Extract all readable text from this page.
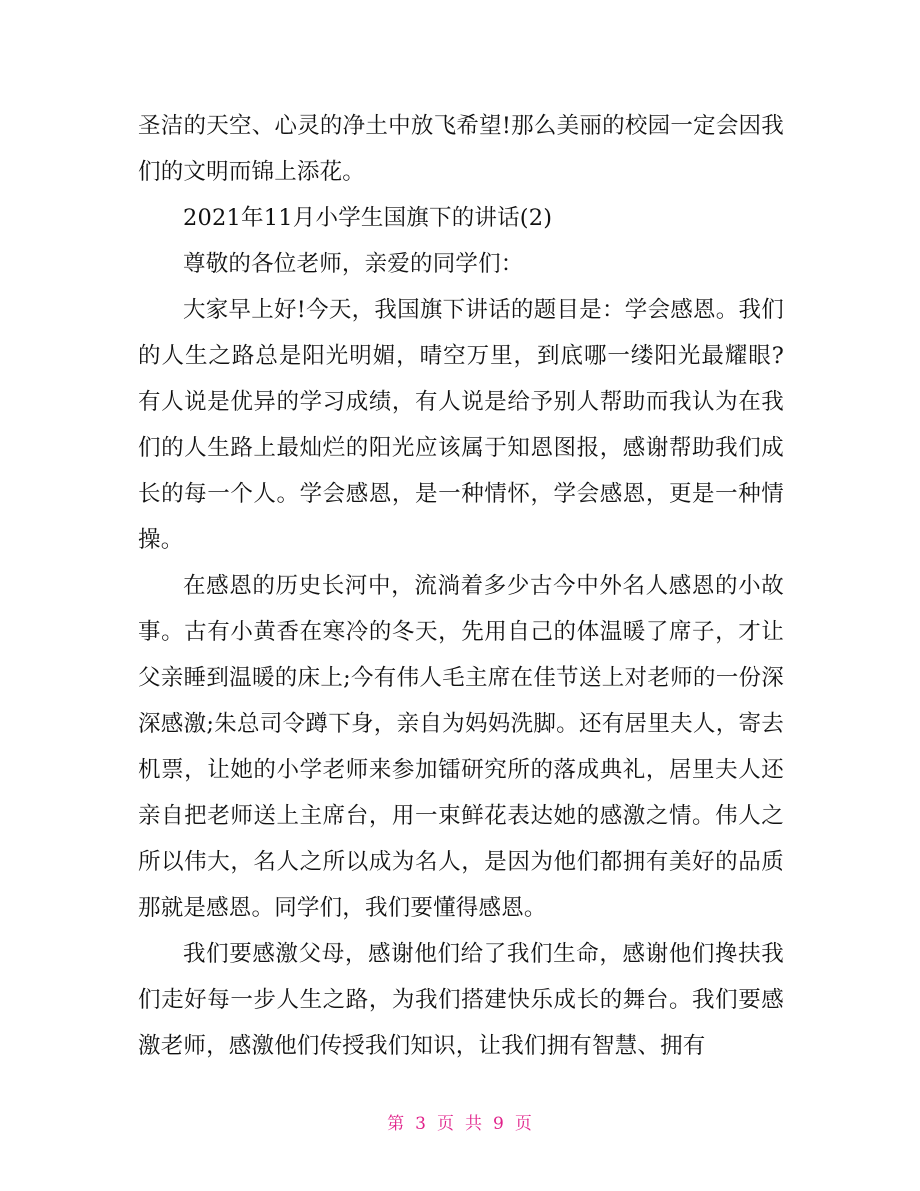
圣洁的天空、心灵的净土中放飞希望!那么美丽的校园一定会因我们的文明而锦上添花。

2021年11月小学生国旗下的讲话(2)

尊敬的各位老师，亲爱的同学们：

大家早上好!今天，我国旗下讲话的题目是：学会感恩。我们的人生之路总是阳光明媚，晴空万里，到底哪一缕阳光最耀眼?有人说是优异的学习成绩，有人说是给予别人帮助而我认为在我们的人生路上最灿烂的阳光应该属于知恩图报，感谢帮助我们成长的每一个人。学会感恩，是一种情怀，学会感恩，更是一种情操。

在感恩的历史长河中，流淌着多少古今中外名人感恩的小故事。古有小黄香在寒冷的冬天，先用自己的体温暖了席子，才让父亲睡到温暖的床上;今有伟人毛主席在佳节送上对老师的一份深深感激;朱总司令蹲下身，亲自为妈妈洗脚。还有居里夫人，寄去机票，让她的小学老师来参加镭研究所的落成典礼，居里夫人还亲自把老师送上主席台，用一束鲜花表达她的感激之情。伟人之所以伟大，名人之所以成为名人，是因为他们都拥有美好的品质那就是感恩。同学们，我们要懂得感恩。

我们要感激父母，感谢他们给了我们生命，感谢他们搀扶我们走好每一步人生之路，为我们搭建快乐成长的舞台。我们要感激老师，感激他们传授我们知识，让我们拥有智慧、拥有

第 3 页 共 9 页
